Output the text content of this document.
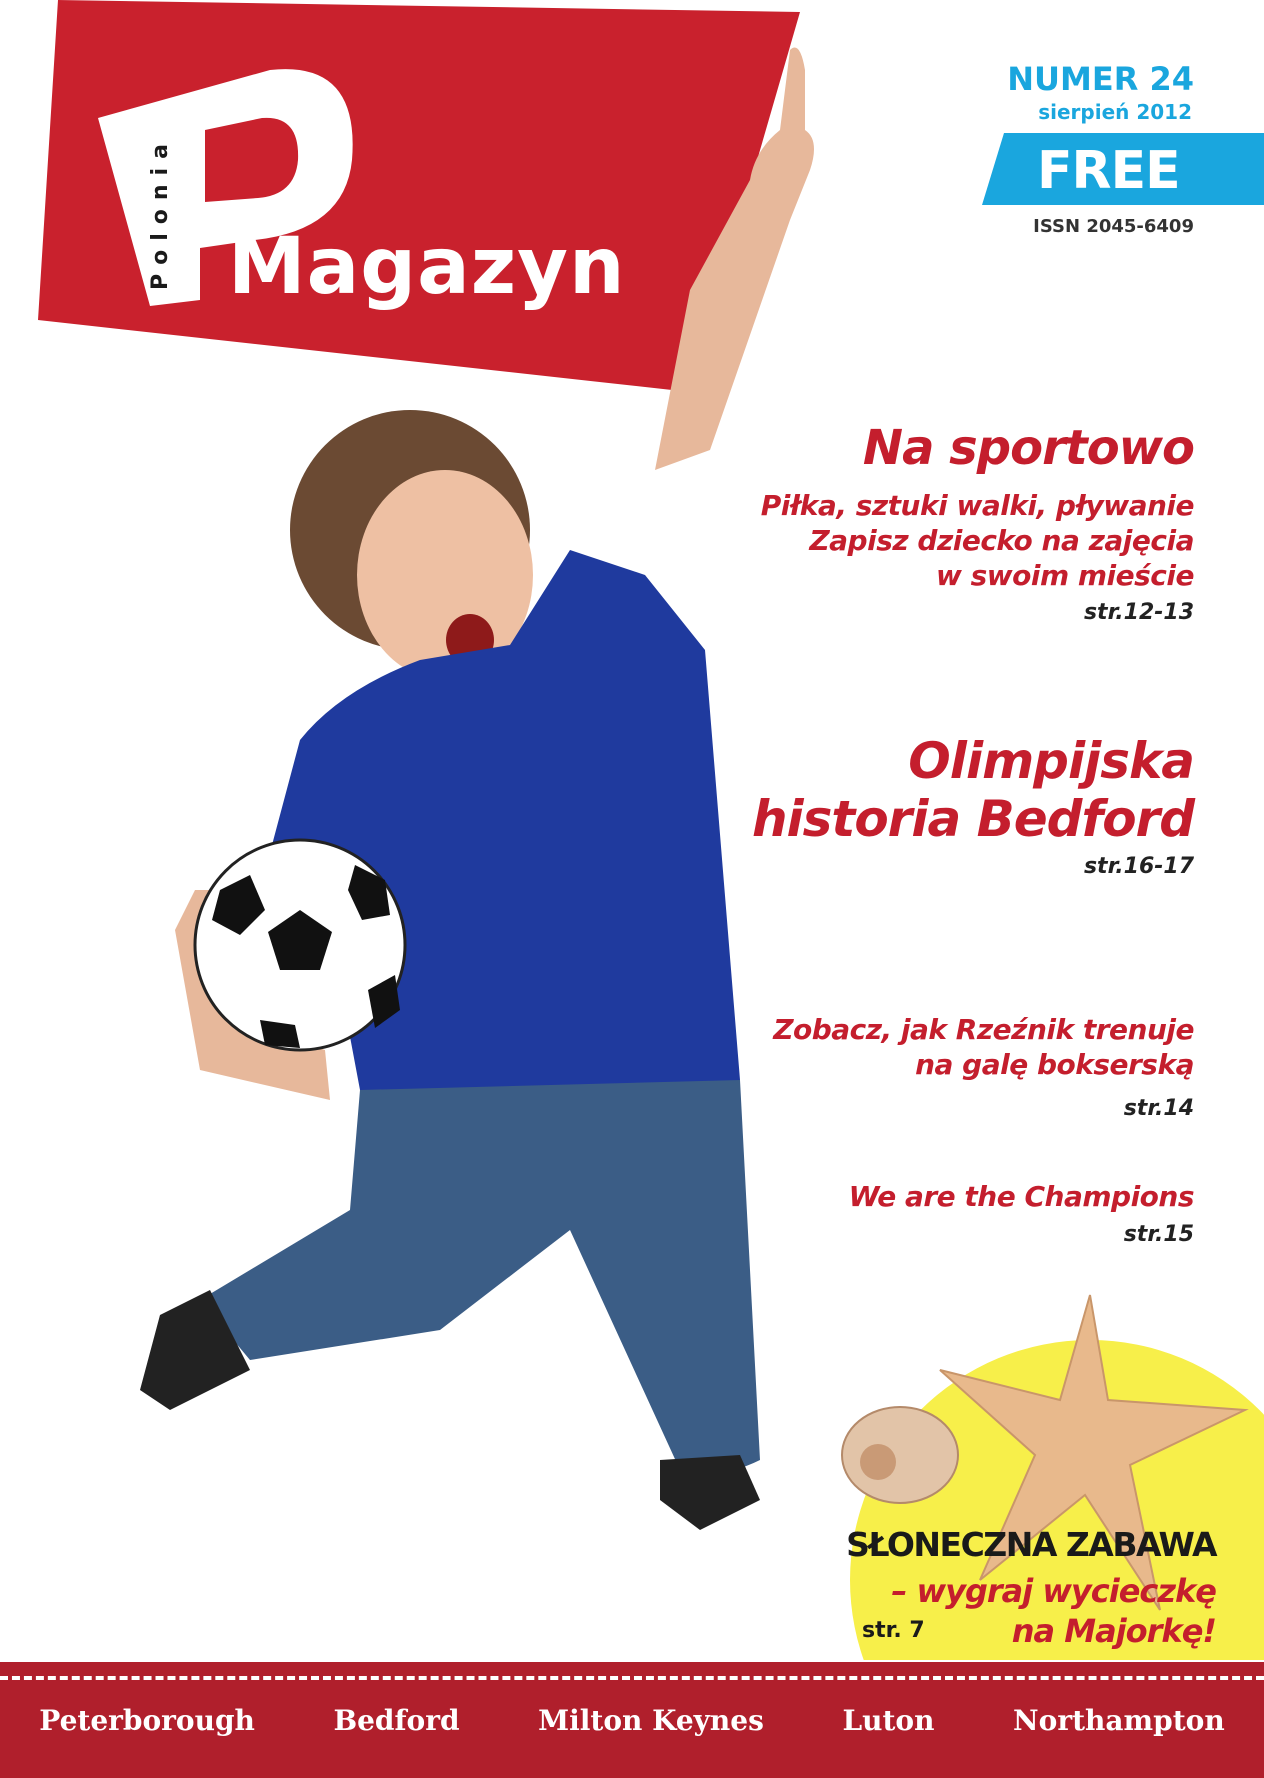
Polonia Magazyn
NUMER 24
sierpień 2012
FREE
ISSN 2045-6409
Na sportowo
Piłka, sztuki walki, pływanie
Zapisz dziecko na zajęcia
w swoim mieście
str.12-13
Olimpijska
historia Bedford
str.16-17
Zobacz, jak Rzeźnik trenuje
na galę bokserską
str.14
We are the Champions
str.15
SŁONECZNA ZABAWA
– wygraj wycieczkę
na Majorkę!
str. 7
Peterborough	Bedford	Milton Keynes	Luton	Northampton
